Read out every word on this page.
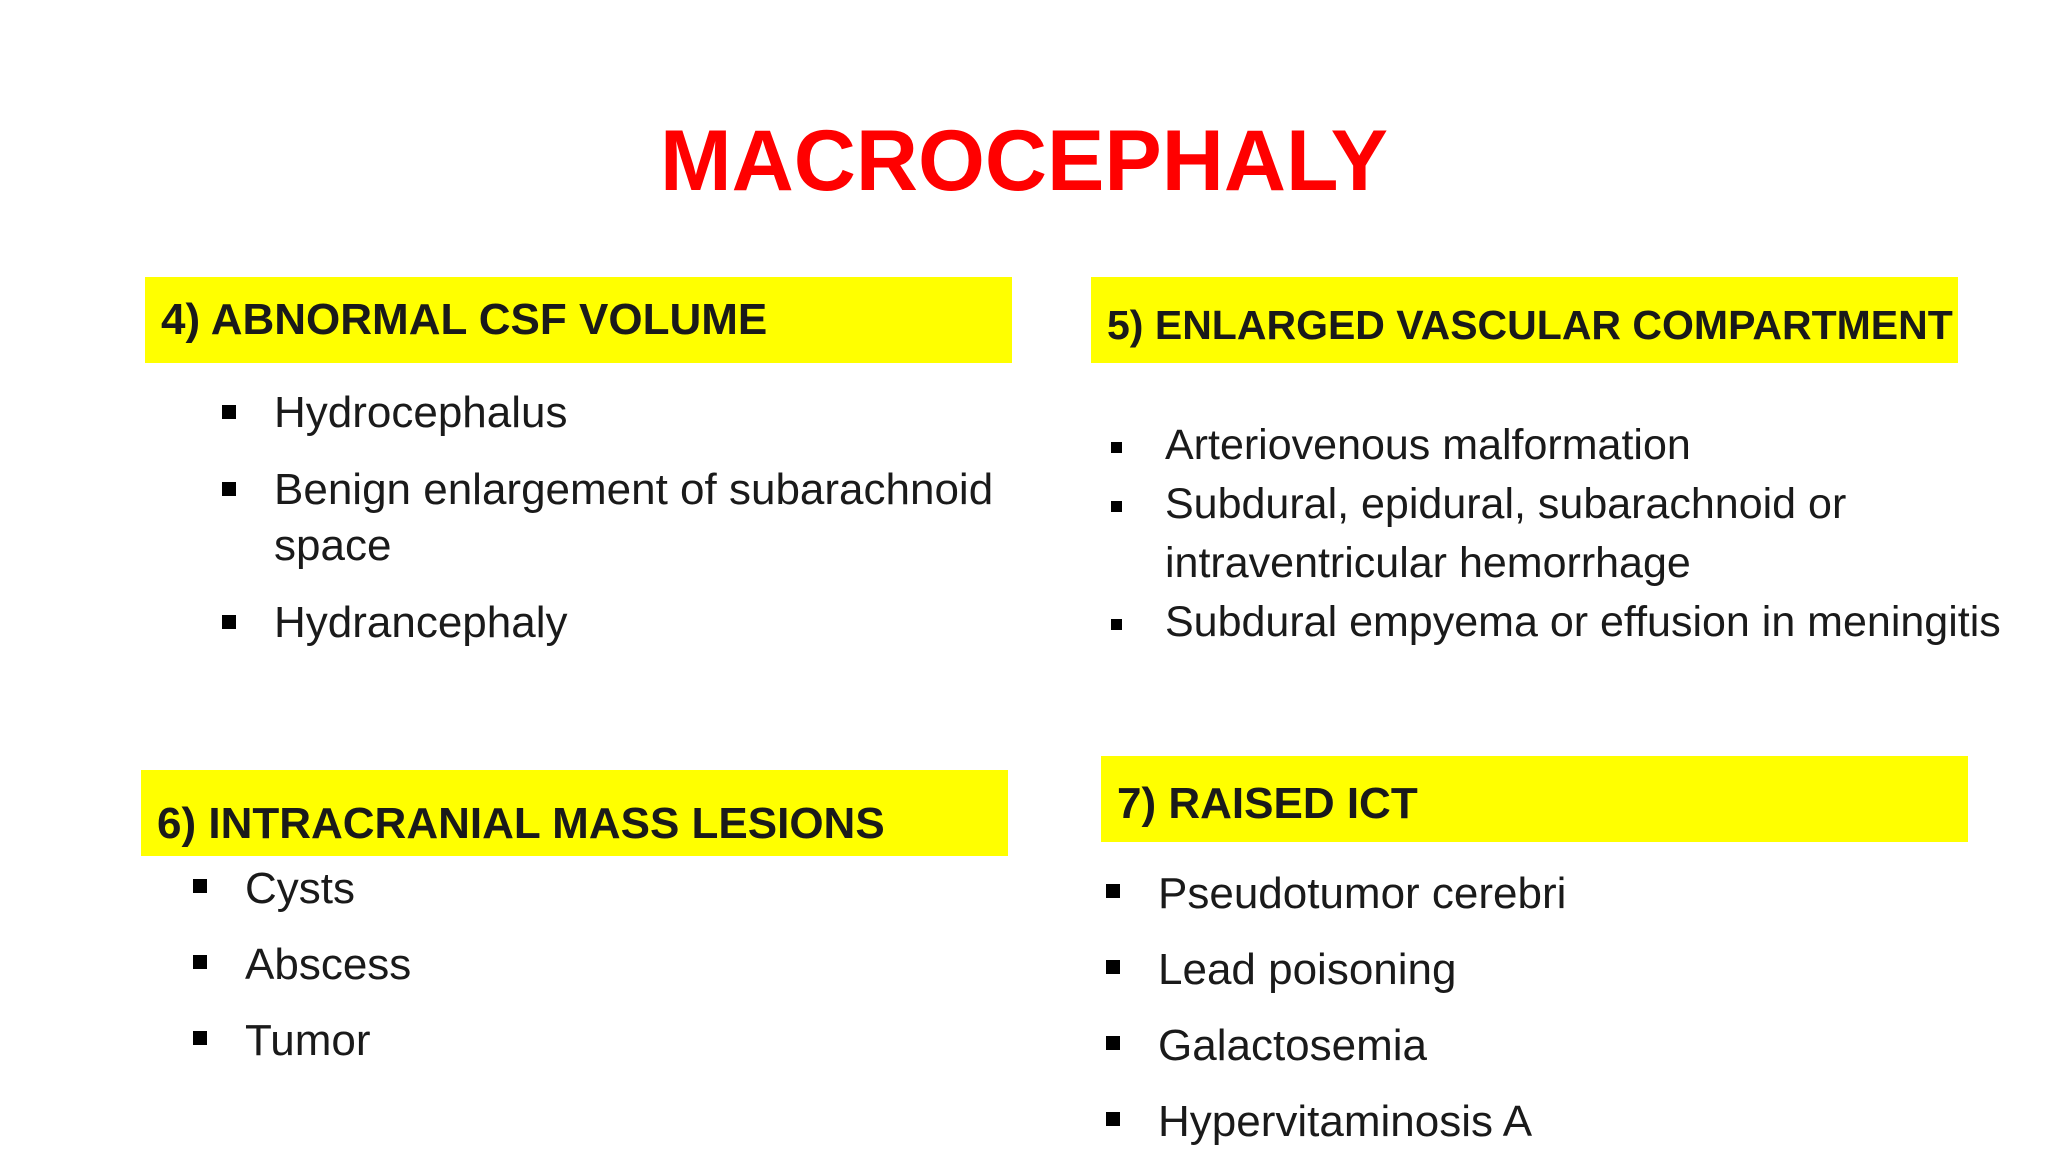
MACROCEPHALY
4) ABNORMAL CSF VOLUME
Hydrocephalus
Benign enlargement of subarachnoid space
Hydrancephaly
5) ENLARGED VASCULAR COMPARTMENT
Arteriovenous malformation
Subdural, epidural, subarachnoid or intraventricular hemorrhage
Subdural empyema or effusion in meningitis
6) INTRACRANIAL MASS LESIONS
Cysts
Abscess
Tumor
7) RAISED ICT
Pseudotumor cerebri
Lead poisoning
Galactosemia
Hypervitaminosis A
